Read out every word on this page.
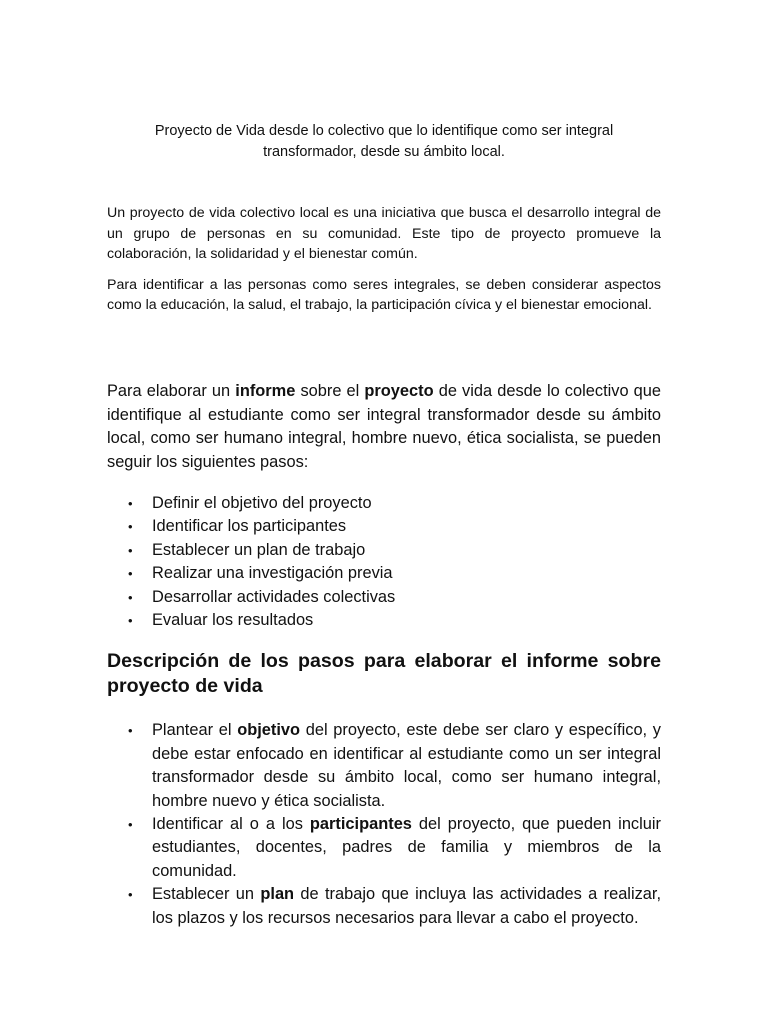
Proyecto de Vida desde lo colectivo que lo identifique como ser integral transformador, desde su ámbito local.

Un proyecto de vida colectivo local es una iniciativa que busca el desarrollo integral de un grupo de personas en su comunidad. Este tipo de proyecto promueve la colaboración, la solidaridad y el bienestar común.

Para identificar a las personas como seres integrales, se deben considerar aspectos como la educación, la salud, el trabajo, la participación cívica y el bienestar emocional.

Para elaborar un informe sobre el proyecto de vida desde lo colectivo que identifique al estudiante como ser integral transformador desde su ámbito local, como ser humano integral, hombre nuevo, ética socialista, se pueden seguir los siguientes pasos:

• Definir el objetivo del proyecto
• Identificar los participantes
• Establecer un plan de trabajo
• Realizar una investigación previa
• Desarrollar actividades colectivas
• Evaluar los resultados
Descripción de los pasos para elaborar el informe sobre proyecto de vida
• Plantear el objetivo del proyecto, este debe ser claro y específico, y debe estar enfocado en identificar al estudiante como un ser integral transformador desde su ámbito local, como ser humano integral, hombre nuevo y ética socialista.
• Identificar al o a los participantes del proyecto, que pueden incluir estudiantes, docentes, padres de familia y miembros de la comunidad.
• Establecer un plan de trabajo que incluya las actividades a realizar, los plazos y los recursos necesarios para llevar a cabo el proyecto.
